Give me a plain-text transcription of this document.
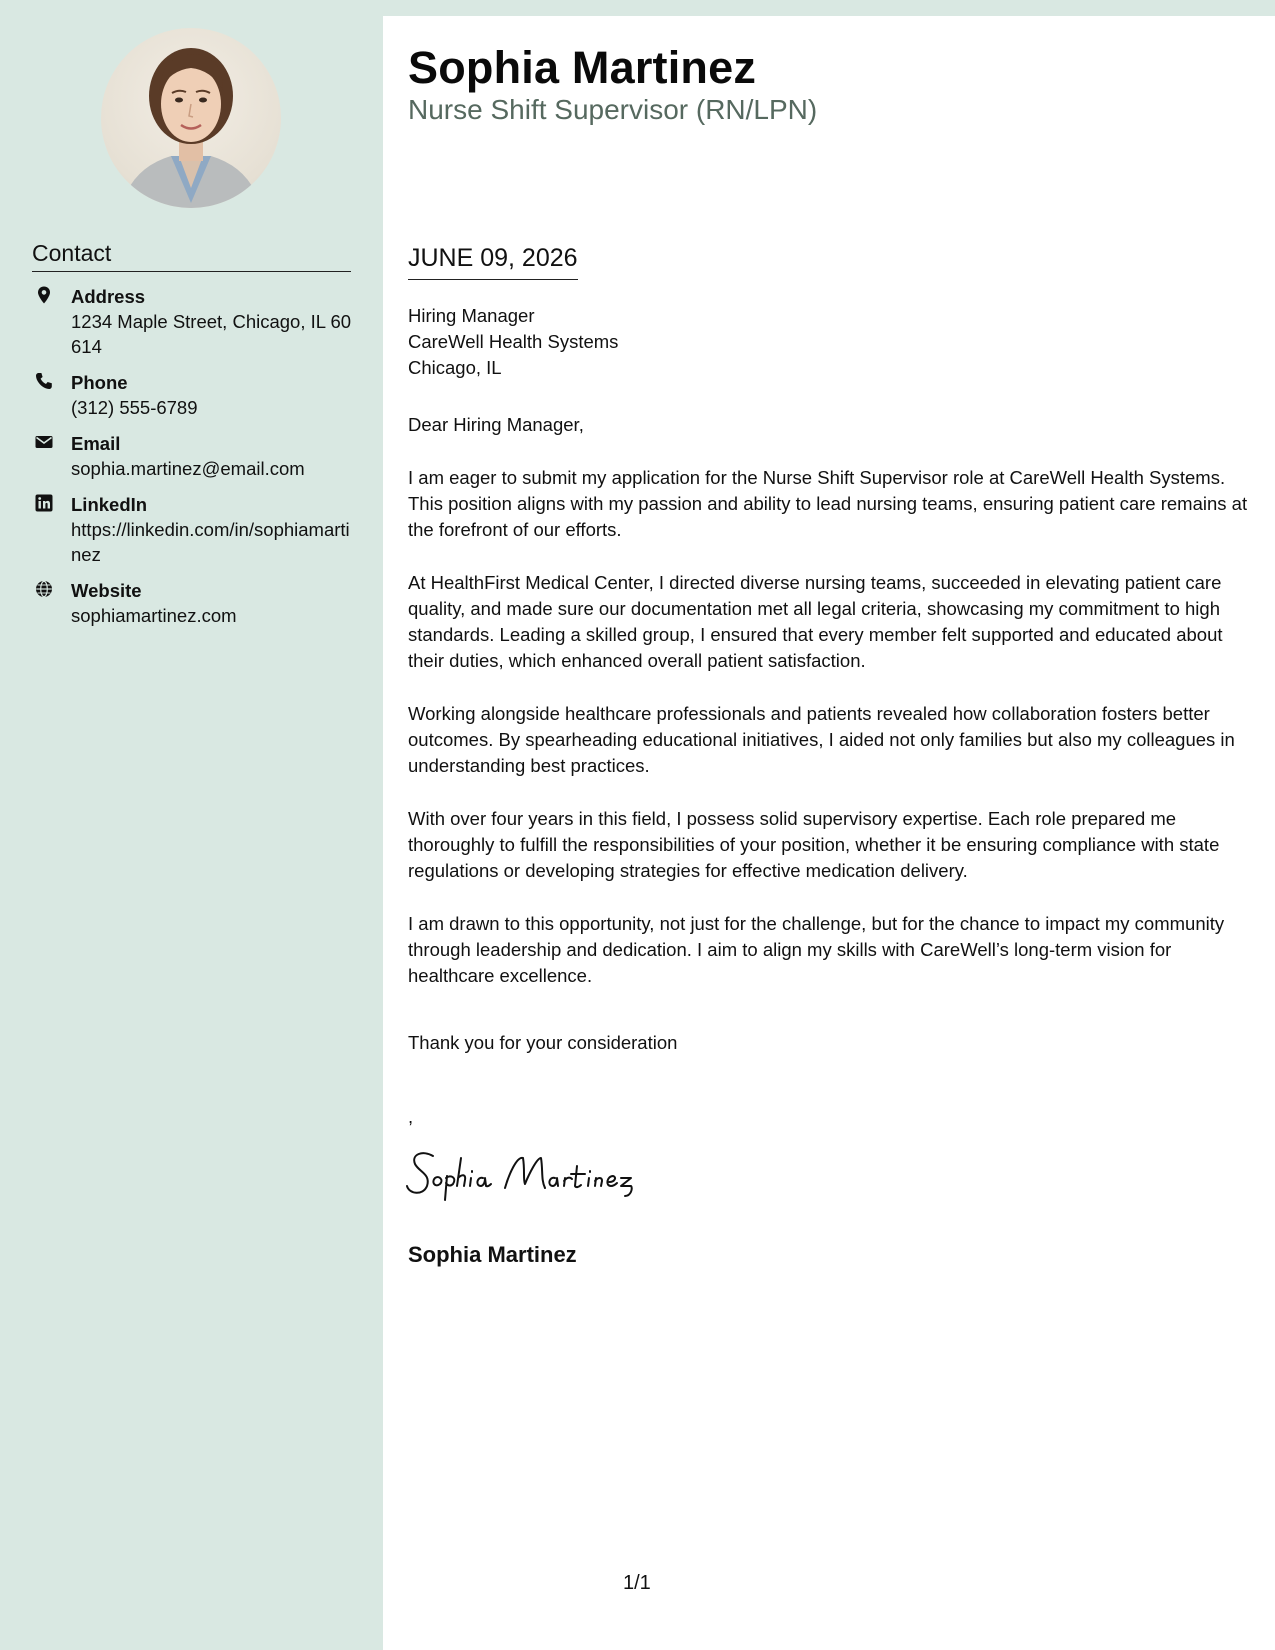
Contact
Address
1234 Maple Street, Chicago, IL 60614
Phone
(312) 555-6789
Email
sophia.martinez@email.com
LinkedIn
https://linkedin.com/in/sophiamartinez
Website
sophiamartinez.com
Sophia Martinez
Nurse Shift Supervisor (RN/LPN)
JUNE 09, 2026
Hiring Manager
CareWell Health Systems
Chicago, IL

Dear Hiring Manager,

I am eager to submit my application for the Nurse Shift Supervisor role at CareWell Health Systems. This position aligns with my passion and ability to lead nursing teams, ensuring patient care remains at the forefront of our efforts.

At HealthFirst Medical Center, I directed diverse nursing teams, succeeded in elevating patient care quality, and made sure our documentation met all legal criteria, showcasing my commitment to high standards. Leading a skilled group, I ensured that every member felt supported and educated about their duties, which enhanced overall patient satisfaction.

Working alongside healthcare professionals and patients revealed how collaboration fosters better outcomes. By spearheading educational initiatives, I aided not only families but also my colleagues in understanding best practices.

With over four years in this field, I possess solid supervisory expertise. Each role prepared me thoroughly to fulfill the responsibilities of your position, whether it be ensuring compliance with state regulations or developing strategies for effective medication delivery.

I am drawn to this opportunity, not just for the challenge, but for the chance to impact my community through leadership and dedication. I aim to align my skills with CareWell’s long-term vision for healthcare excellence.

Thank you for your consideration
,
Sophia Martinez
1/1
